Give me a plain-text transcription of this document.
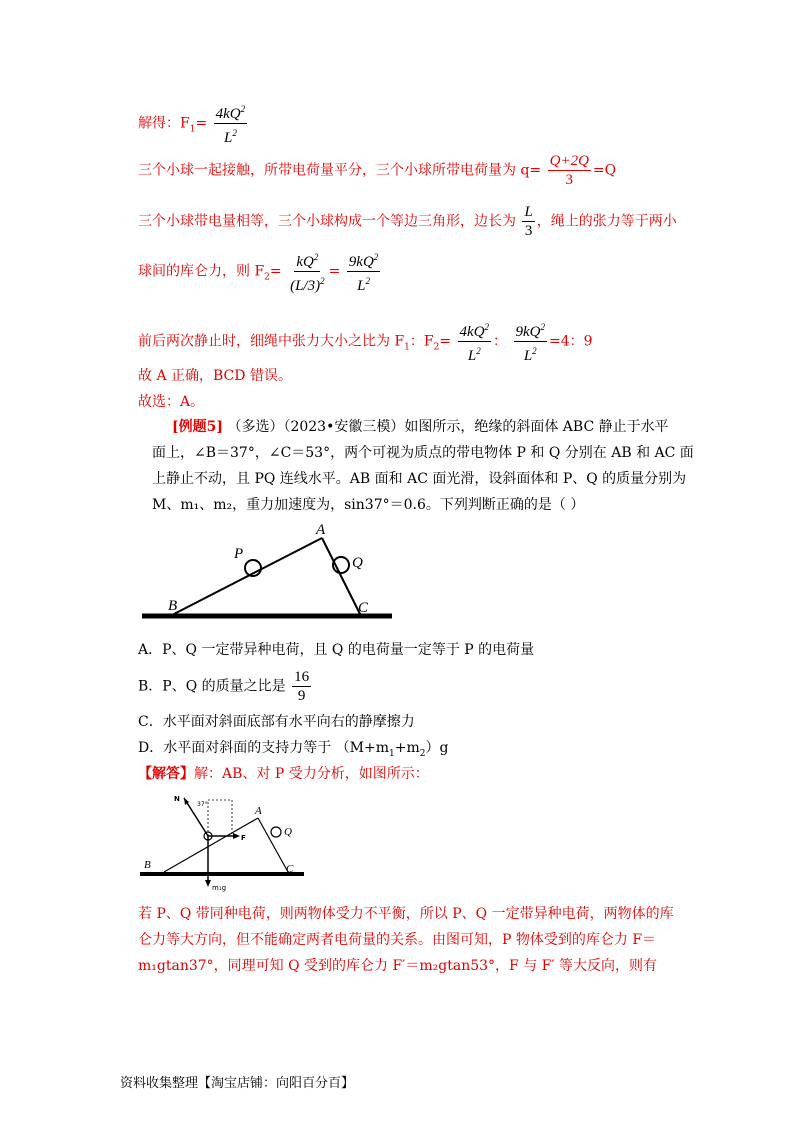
解得：$F_1= \frac{4kQ^2}{L^2}$
三个小球一起接触，所带电荷量平分，三个小球所带电荷量为 $q= \frac{Q+2Q}{3} =Q$
三个小球带电量相等，三个小球构成一个等边三角形，边长为 $\frac{L}{3}$ ，绳上的张力等于两小
球间的库仑力，则 $F_2= \frac{kQ^2}{(L/3)^2} = \frac{9kQ^2}{L^2}$
前后两次静止时，细绳中张力大小之比为 $F_1$：$F_2= \frac{4kQ^2}{L^2}$ ： $\frac{9kQ^2}{L^2} =4$：9
故 A 正确，BCD 错误。
故选：A。
[例题5] （多选）（2023•安徽三模）如图所示，绝缘的斜面体 ABC 静止于水平
面上，∠B＝37°，∠C＝53°，两个可视为质点的带电物体 P 和 Q 分别在 AB 和 AC 面
上静止不动，且 PQ 连线水平。AB 面和 AC 面光滑，设斜面体和 P、Q 的质量分别为
M、m₁、m₂，重力加速度为，sin37°＝0.6。下列判断正确的是（ ）
A
B	C
P
Q
A．P、Q 一定带异种电荷，且 Q 的电荷量一定等于 P 的电荷量
B．P、Q 的质量之比是 $\frac{16}{9}$
C．水平面对斜面底部有水平向右的静摩擦力
D．水平面对斜面的支持力等于 $(M+m_1+m_2)g$
【解答】解：AB、对 P 受力分析，如图所示：
N
37°
F
m₁g
A
B	C
Q
若 P、Q 带同种电荷，则两物体受力不平衡，所以 P、Q 一定带异种电荷，两物体的库
仑力等大方向，但不能确定两者电荷量的关系。由图可知，P 物体受到的库仑力 F＝
m₁gtan37°，同理可知 Q 受到的库仑力 F′＝m₂gtan53°，F 与 F′ 等大反向，则有
资料收集整理【淘宝店铺：向阳百分百】
